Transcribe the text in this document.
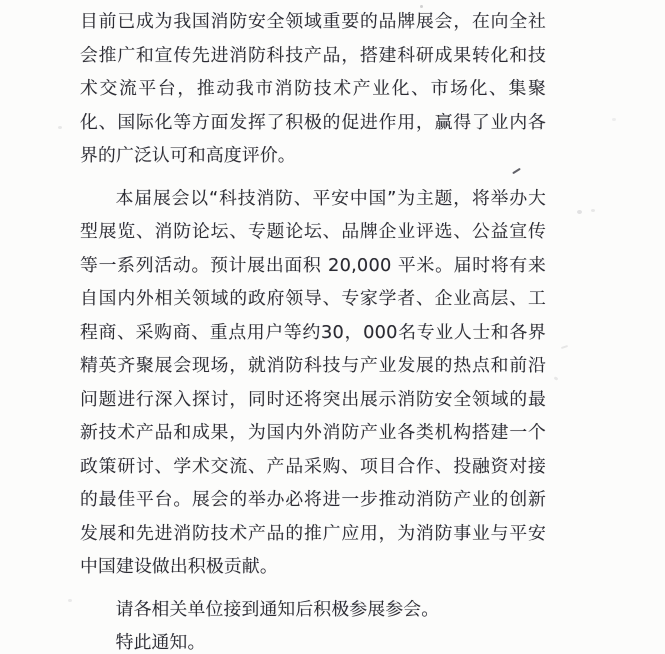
目前已成为我国消防安全领域重要的品牌展会，在向全社会推广和宣传先进消防科技产品，搭建科研成果转化和技术交流平台，推动我市消防技术产业化、市场化、集聚化、国际化等方面发挥了积极的促进作用，赢得了业内各界的广泛认可和高度评价。

本届展会以“科技消防、平安中国”为主题，将举办大型展览、消防论坛、专题论坛、品牌企业评选、公益宣传等一系列活动。预计展出面积 20,000 平米。届时将有来自国内外相关领域的政府领导、专家学者、企业高层、工程商、采购商、重点用户等约30，000名专业人士和各界精英齐聚展会现场，就消防科技与产业发展的热点和前沿问题进行深入探讨，同时还将突出展示消防安全领域的最新技术产品和成果，为国内外消防产业各类机构搭建一个政策研讨、学术交流、产品采购、项目合作、投融资对接的最佳平台。展会的举办必将进一步推动消防产业的创新发展和先进消防技术产品的推广应用，为消防事业与平安中国建设做出积极贡献。

请各相关单位接到通知后积极参展参会。

特此通知。
